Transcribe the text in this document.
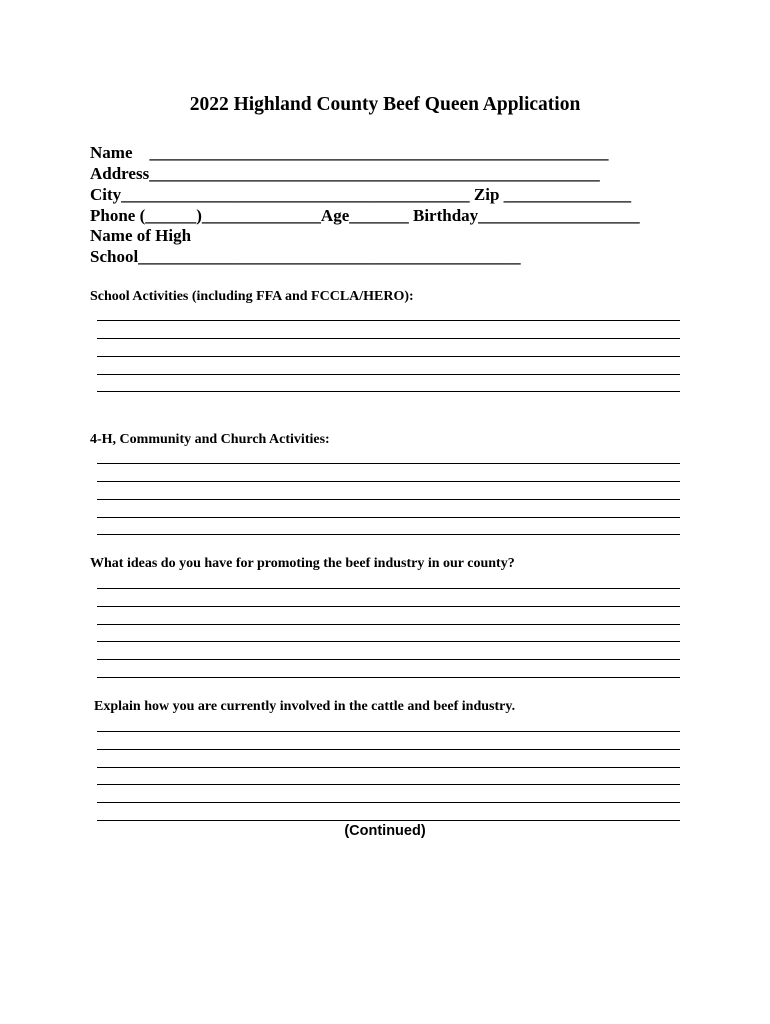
2022 Highland County Beef Queen Application
Name    ______________________________________________________
Address_____________________________________________________
City_________________________________________ Zip _______________
Phone (______)______________Age_______ Birthday___________________
Name of High
School_____________________________________________
School Activities (including FFA and FCCLA/HERO):
4-H, Community and Church Activities:
What ideas do you have for promoting the beef industry in our county?
Explain how you are currently involved in the cattle and beef industry.
(Continued)
